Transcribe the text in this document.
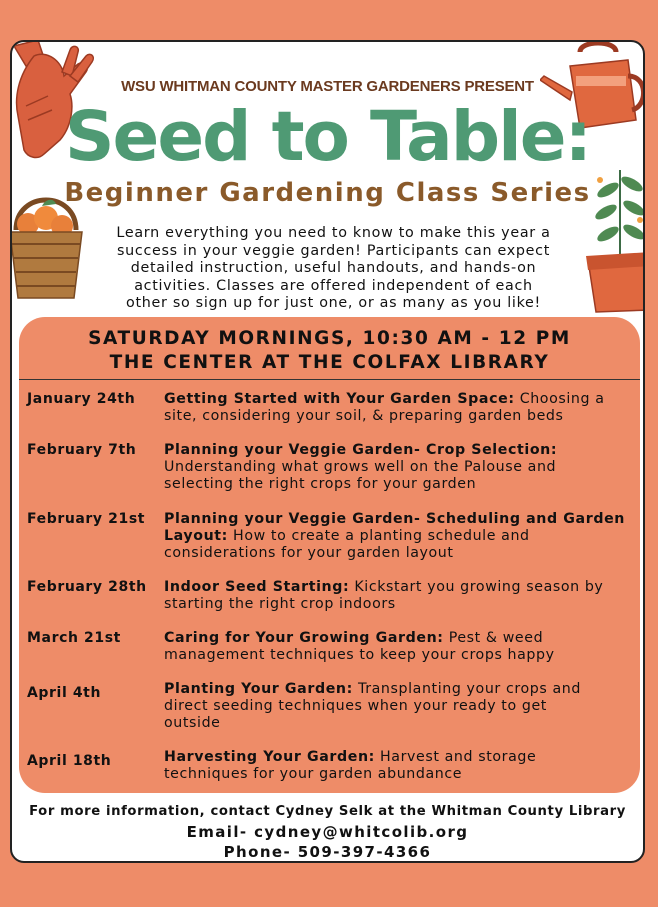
WSU WHITMAN COUNTY MASTER GARDENERS PRESENT
Seed to Table:
Beginner Gardening Class Series
Learn everything you need to know to make this year a
success in your veggie garden! Participants can expect
detailed instruction, useful handouts, and hands-on
activities. Classes are offered independent of each
other so sign up for just one, or as many as you like!
SATURDAY MORNINGS, 10:30 AM - 12 PM
THE CENTER AT THE COLFAX LIBRARY
January 24th Getting Started with Your Garden Space: Choosing a
site, considering your soil, & preparing garden beds
February 7th Planning your Veggie Garden- Crop Selection:
Understanding what grows well on the Palouse and
selecting the right crops for your garden
February 21st Planning your Veggie Garden- Scheduling and Garden
Layout: How to create a planting schedule and
considerations for your garden layout
February 28th Indoor Seed Starting: Kickstart you growing season by
starting the right crop indoors
March 21st	Caring for Your Growing Garden: Pest & weed
management techniques to keep your crops happy
April 4th	Planting Your Garden: Transplanting your crops and
direct seeding techniques when your ready to get
outside
April 18th	Harvesting Your Garden: Harvest and storage
techniques for your garden abundance
For more information, contact Cydney Selk at the Whitman County Library
Email- cydney@whitcolib.org
Phone- 509-397-4366
